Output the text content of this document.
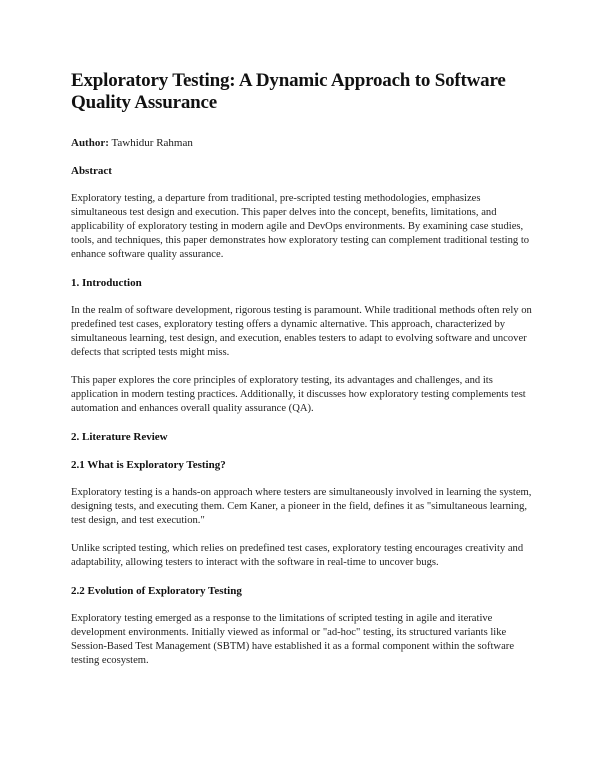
Exploratory Testing: A Dynamic Approach to Software Quality Assurance

Author: Tawhidur Rahman

Abstract

Exploratory testing, a departure from traditional, pre-scripted testing methodologies, emphasizes simultaneous test design and execution. This paper delves into the concept, benefits, limitations, and applicability of exploratory testing in modern agile and DevOps environments. By examining case studies, tools, and techniques, this paper demonstrates how exploratory testing can complement traditional testing to enhance software quality assurance.

1. Introduction

In the realm of software development, rigorous testing is paramount. While traditional methods often rely on predefined test cases, exploratory testing offers a dynamic alternative. This approach, characterized by simultaneous learning, test design, and execution, enables testers to adapt to evolving software and uncover defects that scripted tests might miss.

This paper explores the core principles of exploratory testing, its advantages and challenges, and its application in modern testing practices. Additionally, it discusses how exploratory testing complements test automation and enhances overall quality assurance (QA).

2. Literature Review
2.1 What is Exploratory Testing?

Exploratory testing is a hands-on approach where testers are simultaneously involved in learning the system, designing tests, and executing them. Cem Kaner, a pioneer in the field, defines it as "simultaneous learning, test design, and test execution."

Unlike scripted testing, which relies on predefined test cases, exploratory testing encourages creativity and adaptability, allowing testers to interact with the software in real-time to uncover bugs.

2.2 Evolution of Exploratory Testing

Exploratory testing emerged as a response to the limitations of scripted testing in agile and iterative development environments. Initially viewed as informal or "ad-hoc" testing, its structured variants like Session-Based Test Management (SBTM) have established it as a formal component within the software testing ecosystem.
